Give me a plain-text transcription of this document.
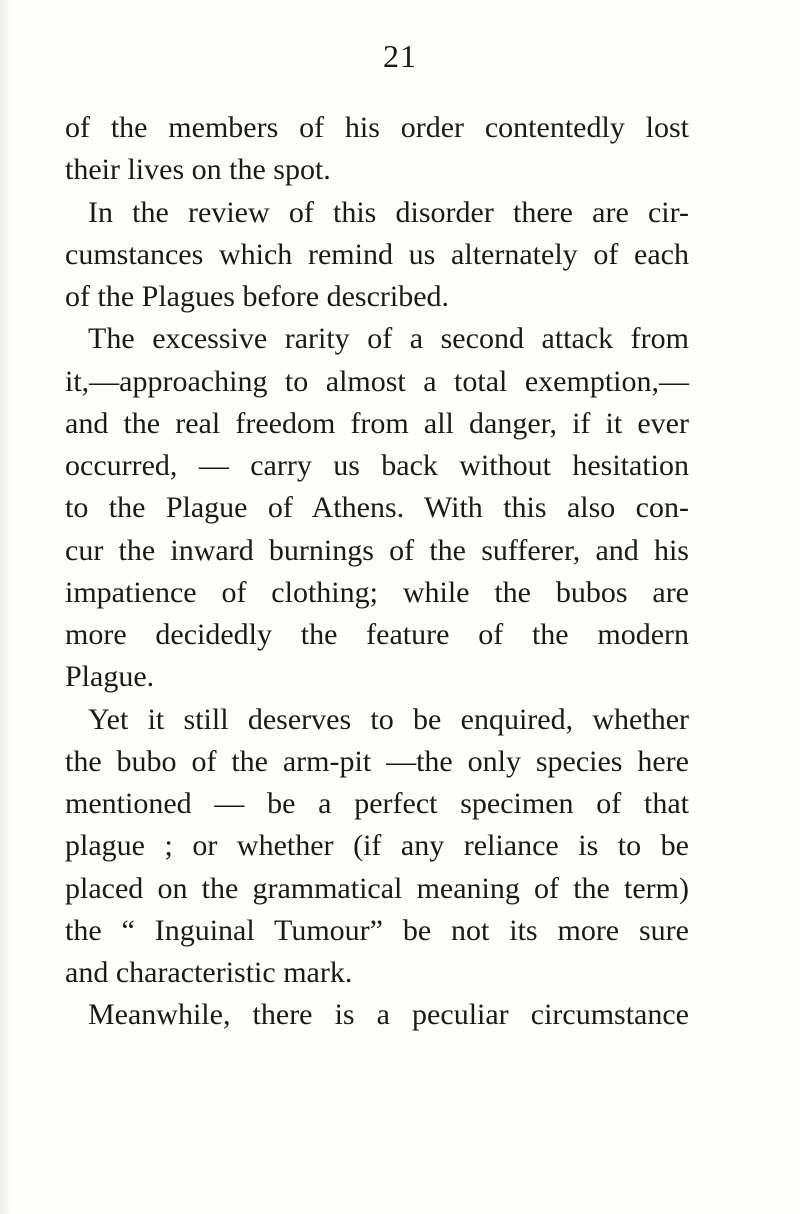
21
of the members of his order contentedly lost
their lives on the spot.
In the review of this disorder there are cir-
cumstances which remind us alternately of each
of the Plagues before described.
The excessive rarity of a second attack from
it,—approaching to almost a total exemption,—
and the real freedom from all danger, if it ever
occurred, — carry us back without hesitation
to the Plague of Athens. With this also con-
cur the inward burnings of the sufferer, and his
impatience of clothing; while the bubos are
more decidedly the feature of the modern
Plague.
Yet it still deserves to be enquired, whether
the bubo of the arm-pit —the only species here
mentioned — be a perfect specimen of that
plague ; or whether (if any reliance is to be
placed on the grammatical meaning of the term)
the “ Inguinal Tumour” be not its more sure
and characteristic mark.
Meanwhile, there is a peculiar circumstance
